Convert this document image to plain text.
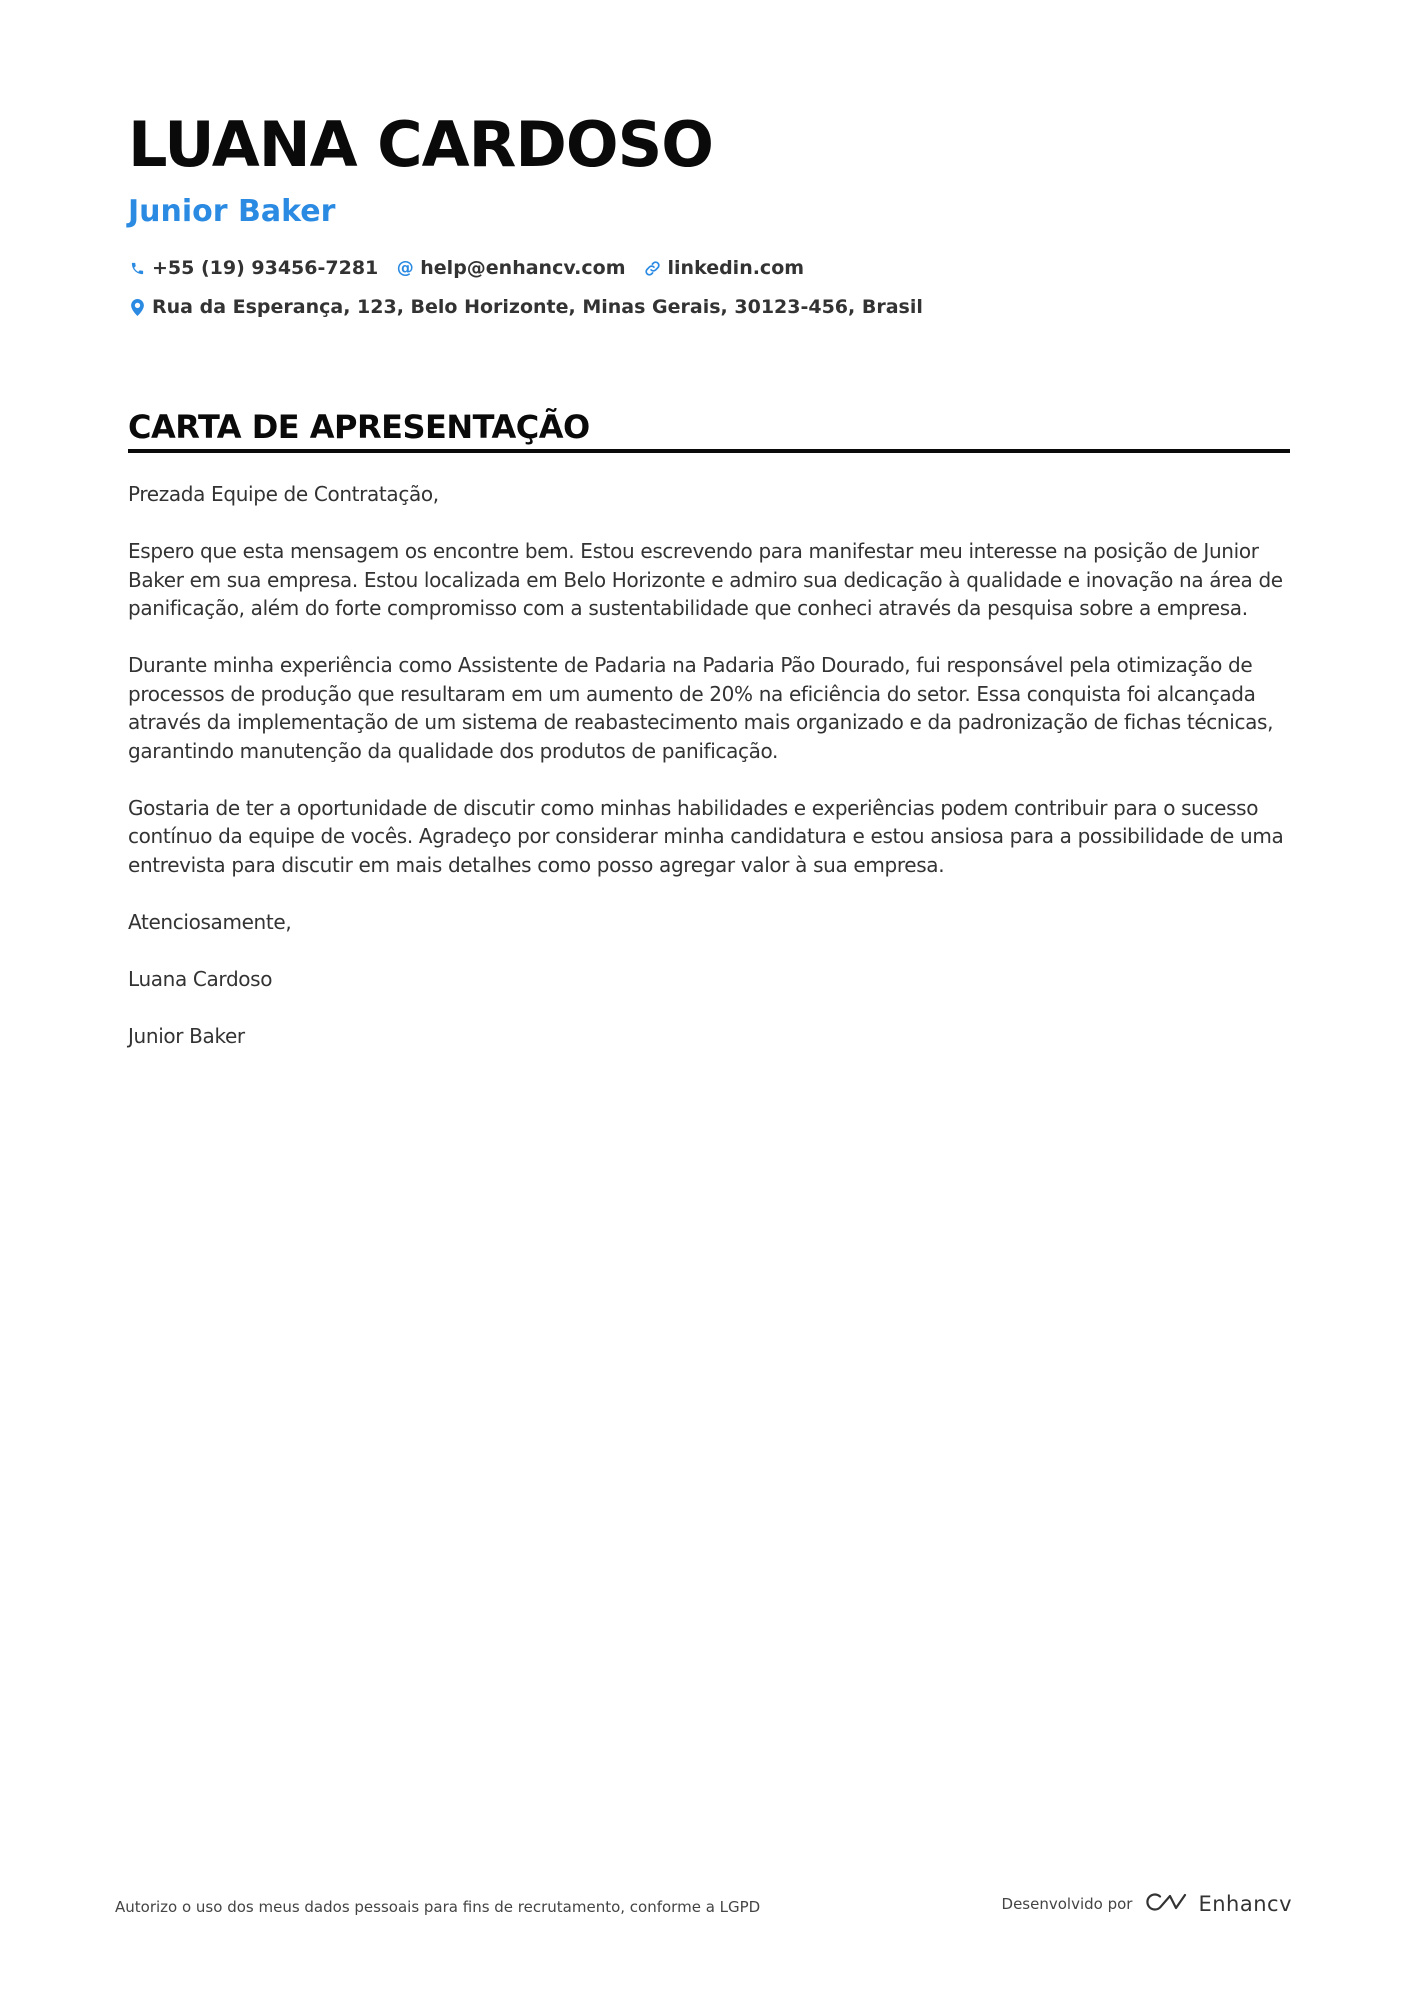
LUANA CARDOSO
Junior Baker
+55 (19) 93456-7281 @ help@enhancv.com linkedin.com
Rua da Esperança, 123, Belo Horizonte, Minas Gerais, 30123-456, Brasil
CARTA DE APRESENTAÇÃO

Prezada Equipe de Contratação,

Espero que esta mensagem os encontre bem. Estou escrevendo para manifestar meu interesse na posição de Junior Baker em sua empresa. Estou localizada em Belo Horizonte e admiro sua dedicação à qualidade e inovação na área de panificação, além do forte compromisso com a sustentabilidade que conheci através da pesquisa sobre a empresa.

Durante minha experiência como Assistente de Padaria na Padaria Pão Dourado, fui responsável pela otimização de processos de produção que resultaram em um aumento de 20% na eficiência do setor. Essa conquista foi alcançada através da implementação de um sistema de reabastecimento mais organizado e da padronização de fichas técnicas, garantindo manutenção da qualidade dos produtos de panificação.

Gostaria de ter a oportunidade de discutir como minhas habilidades e experiências podem contribuir para o sucesso contínuo da equipe de vocês. Agradeço por considerar minha candidatura e estou ansiosa para a possibilidade de uma entrevista para discutir em mais detalhes como posso agregar valor à sua empresa.

Atenciosamente,

Luana Cardoso

Junior Baker

Autorizo o uso dos meus dados pessoais para fins de recrutamento, conforme a LGPD	Desenvolvido por	Enhancv
